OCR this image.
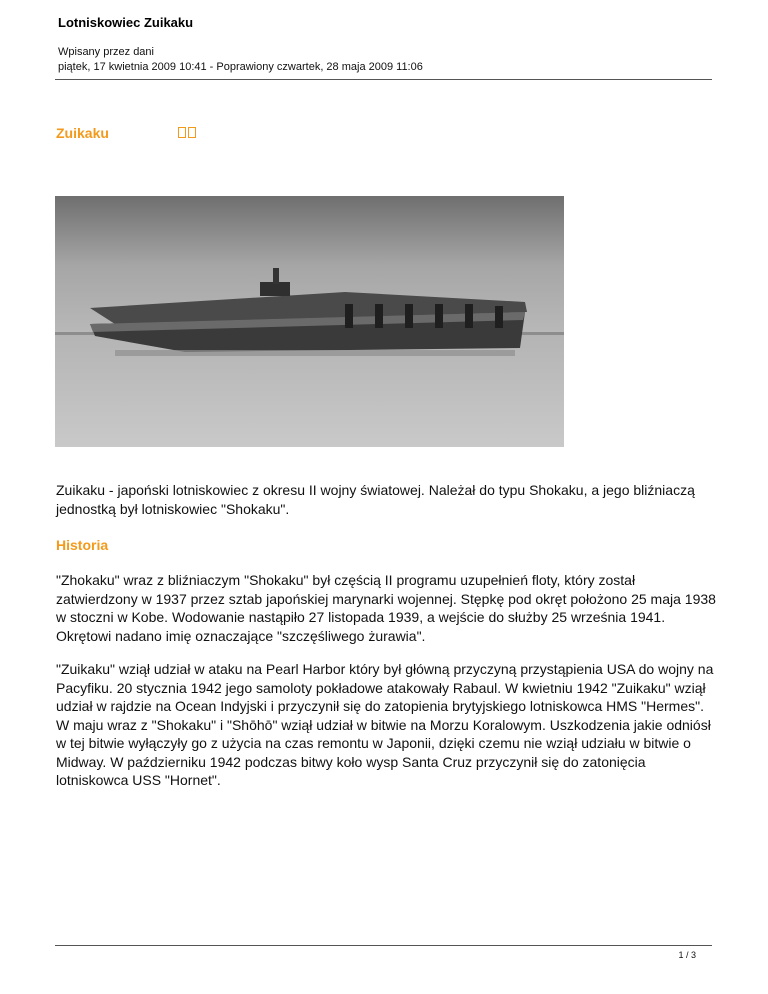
Lotniskowiec Zuikaku
Wpisany przez dani
piątek, 17 kwietnia 2009 10:41 - Poprawiony czwartek, 28 maja 2009 11:06
Zuikaku
Zuikaku - japoński lotniskowiec z okresu II wojny światowej. Należał do typu Shokaku, a jego bliźniaczą jednostką był lotniskowiec "Shokaku".
Historia
"Zhokaku" wraz z bliźniaczym "Shokaku" był częścią II programu uzupełnień floty, który został zatwierdzony w 1937 przez sztab japońskiej marynarki wojennej. Stępkę pod okręt położono 25 maja 1938 w stoczni w Kobe. Wodowanie nastąpiło 27 listopada 1939, a wejście do służby 25 września 1941. Okrętowi nadano imię oznaczające "szczęśliwego żurawia".
"Zuikaku" wziął udział w ataku na Pearl Harbor który był główną przyczyną przystąpienia USA do wojny na Pacyfiku. 20 stycznia 1942 jego samoloty pokładowe atakowały Rabaul. W kwietniu 1942 "Zuikaku" wziął udział w rajdzie na Ocean Indyjski i przyczynił się do zatopienia brytyjskiego lotniskowca HMS "Hermes". W maju wraz z "Shokaku" i "Shōhō" wziął udział w bitwie na Morzu Koralowym. Uszkodzenia jakie odniósł w tej bitwie wyłączyły go z użycia na czas remontu w Japonii, dzięki czemu nie wziął udziału w bitwie o Midway. W październiku 1942 podczas bitwy koło wysp Santa Cruz przyczynił się do zatonięcia lotniskowca USS "Hornet".
1 / 3
